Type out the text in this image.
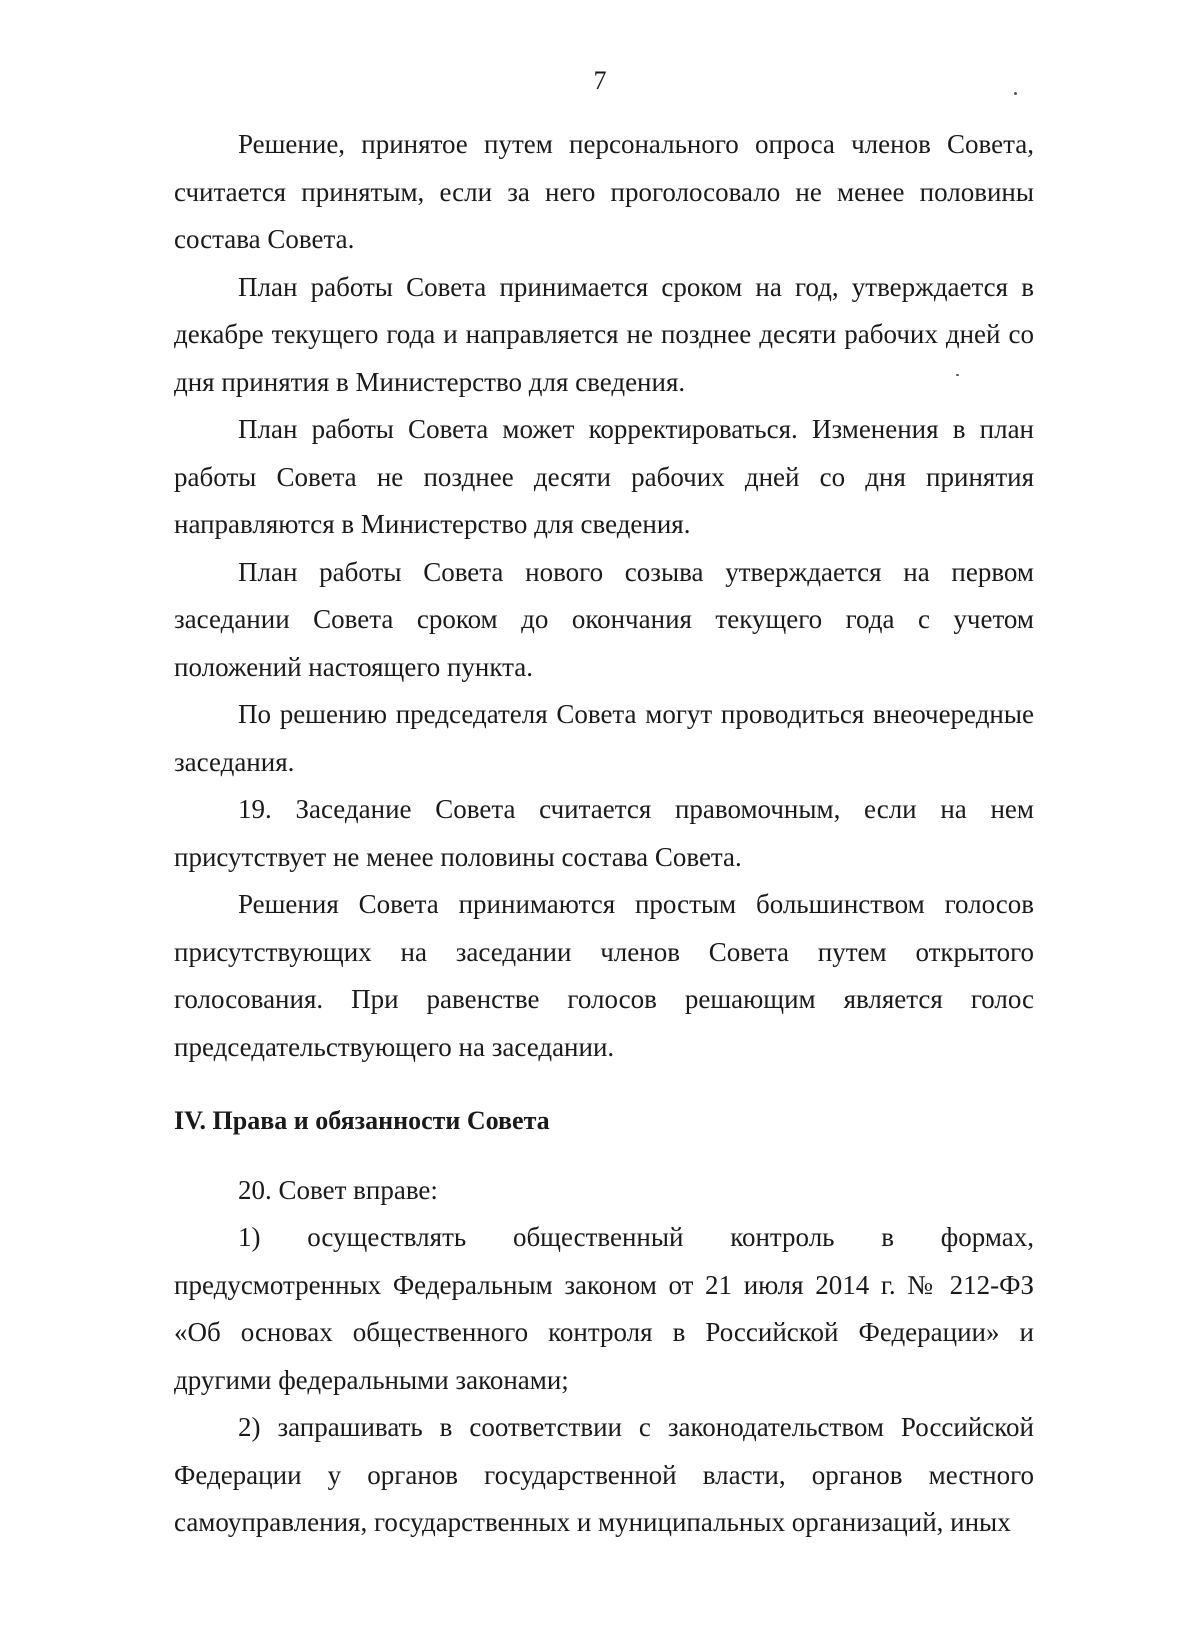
7

Решение, принятое путем персонального опроса членов Совета, считается принятым, если за него проголосовало не менее половины состава Совета.

План работы Совета принимается сроком на год, утверждается в декабре текущего года и направляется не позднее десяти рабочих дней со дня принятия в Министерство для сведения.

План работы Совета может корректироваться. Изменения в план работы Совета не позднее десяти рабочих дней со дня принятия направляются в Министерство для сведения.

План работы Совета нового созыва утверждается на первом заседании Совета сроком до окончания текущего года с учетом положений настоящего пункта.

По решению председателя Совета могут проводиться внеочередные заседания.

19. Заседание Совета считается правомочным, если на нем присутствует не менее половины состава Совета.

Решения Совета принимаются простым большинством голосов присутствующих на заседании членов Совета путем открытого голосования. При равенстве голосов решающим является голос председательствующего на заседании.

IV. Права и обязанности Совета

20. Совет вправе:

1) осуществлять общественный контроль в формах, предусмотренных Федеральным законом от 21 июля 2014 г. № 212-ФЗ «Об основах общественного контроля в Российской Федерации» и другими федеральными законами;

2) запрашивать в соответствии с законодательством Российской Федерации у органов государственной власти, органов местного самоуправления, государственных и муниципальных организаций, иных
